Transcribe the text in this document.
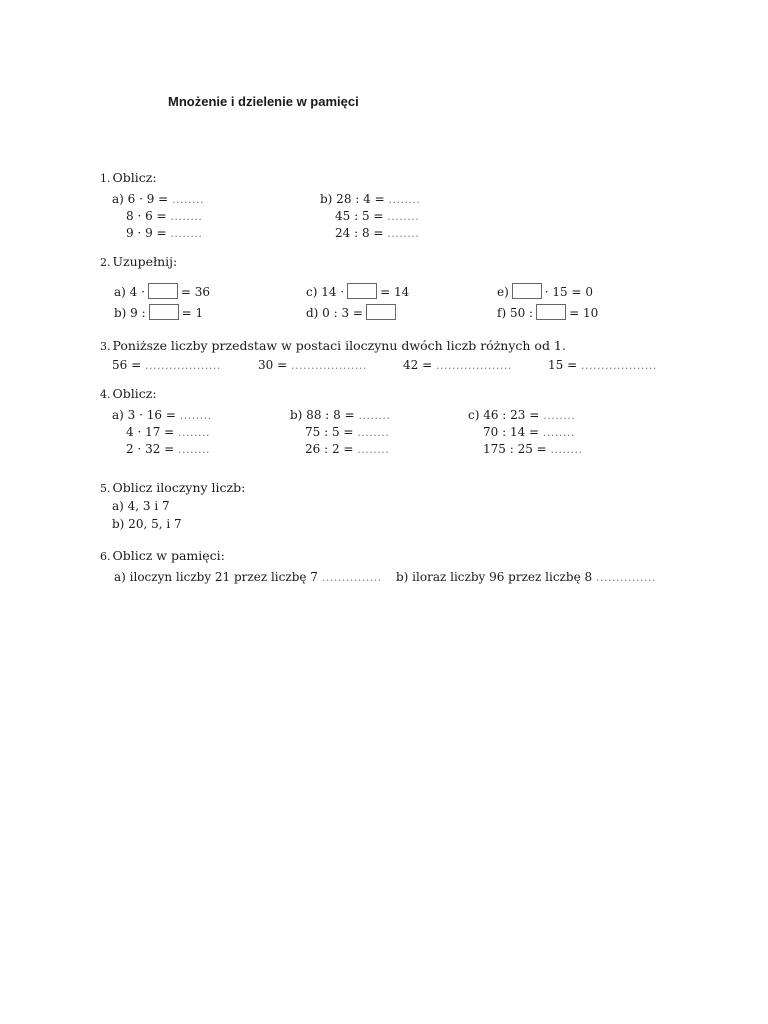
Mnożenie i dzielenie w pamięci
1. Oblicz:
a) 6 · 9 = ........
8 · 6 = ........
9 · 9 = ........
b) 28 : 4 = ........
45 : 5 = ........
24 : 8 = ........
2. Uzupełnij:
a) 4 ·	= 36
b) 9 :	= 1
c) 14 ·	= 14
d) 0 : 3 =
e)	· 15 = 0
f) 50 :	= 10
3. Poniższe liczby przedstaw w postaci iloczynu dwóch liczb różnych od 1.
56 = ...................	30 = ...................	42 = ...................	15 = ...................
4. Oblicz:
a) 3 · 16 = ........
4 · 17 = ........
2 · 32 = ........
b) 88 : 8 = ........
75 : 5 = ........
26 : 2 = ........
c) 46 : 23 = ........
70 : 14 = ........
175 : 25 = ........
5. Oblicz iloczyny liczb:
a) 4, 3 i 7
b) 20, 5, i 7
6. Oblicz w pamięci:
a) iloczyn liczby 21 przez liczbę 7 ............... b) iloraz liczby 96 przez liczbę 8 ...............
